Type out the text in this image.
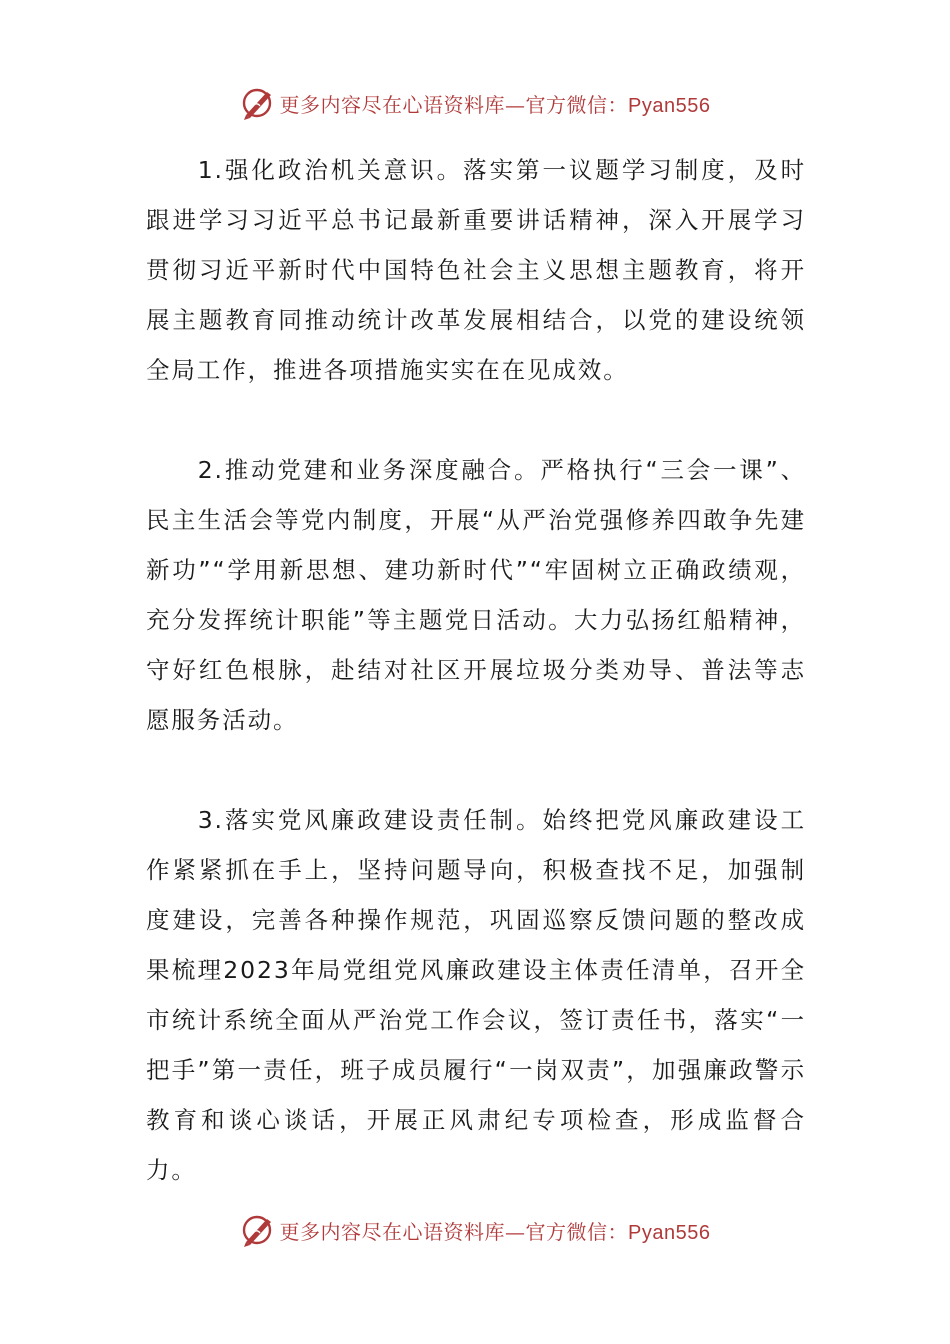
更多内容尽在心语资料库—官方微信：Pyan556

1.强化政治机关意识。落实第一议题学习制度，及时跟进学习习近平总书记最新重要讲话精神，深入开展学习贯彻习近平新时代中国特色社会主义思想主题教育，将开展主题教育同推动统计改革发展相结合，以党的建设统领全局工作，推进各项措施实实在在见成效。

2.推动党建和业务深度融合。严格执行“三会一课”、民主生活会等党内制度，开展“从严治党强修养四敢争先建新功”“学用新思想、建功新时代”“牢固树立正确政绩观，充分发挥统计职能”等主题党日活动。大力弘扬红船精神，守好红色根脉，赴结对社区开展垃圾分类劝导、普法等志愿服务活动。

3.落实党风廉政建设责任制。始终把党风廉政建设工作紧紧抓在手上，坚持问题导向，积极查找不足，加强制度建设，完善各种操作规范，巩固巡察反馈问题的整改成果梳理2023年局党组党风廉政建设主体责任清单，召开全市统计系统全面从严治党工作会议，签订责任书，落实“一把手”第一责任，班子成员履行“一岗双责”，加强廉政警示教育和谈心谈话，开展正风肃纪专项检查，形成监督合力。

更多内容尽在心语资料库—官方微信：Pyan556
